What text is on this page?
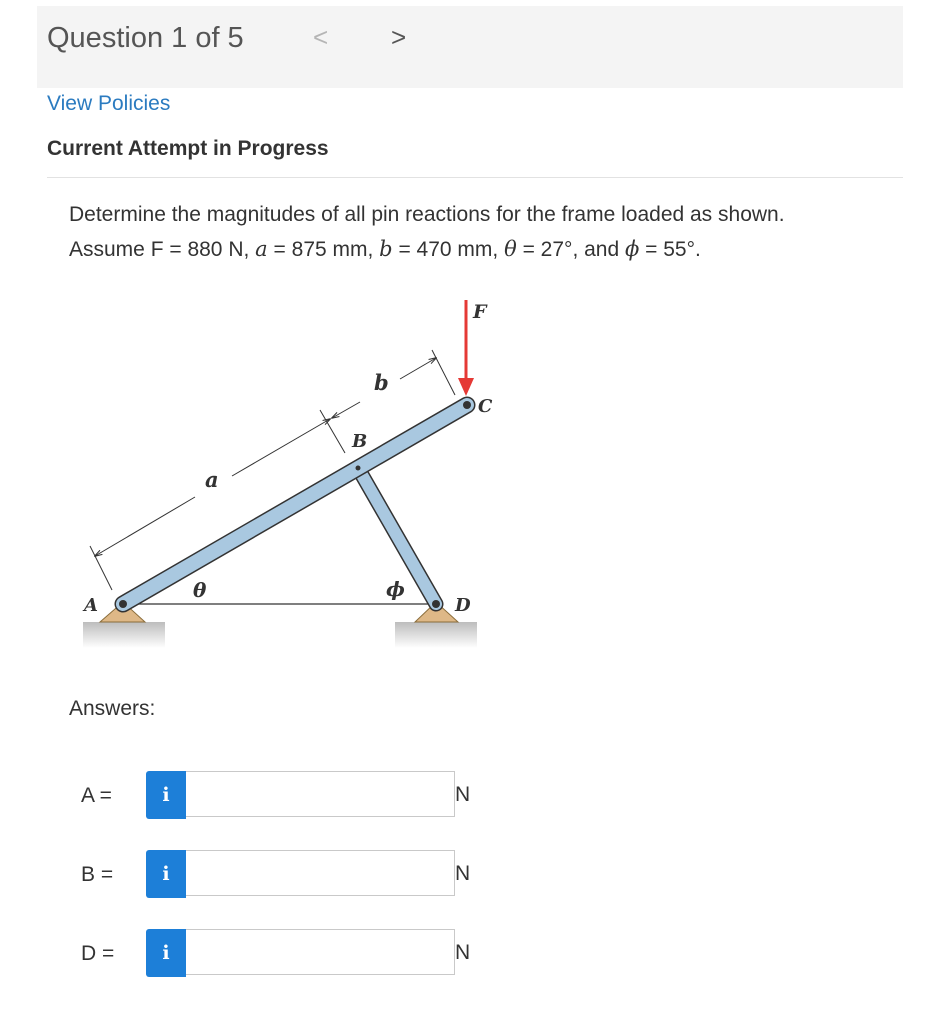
Question 1 of 5	< >
View Policies
Current Attempt in Progress
Determine the magnitudes of all pin reactions for the frame loaded as shown.
Assume F = 880 N, a = 875 mm, b = 470 mm, θ = 27°, and ϕ = 55°.
F
C
B
A	D
a
b
θ	ϕ
Answers:
A =	i	N
B =	i	N
D =	i	N
